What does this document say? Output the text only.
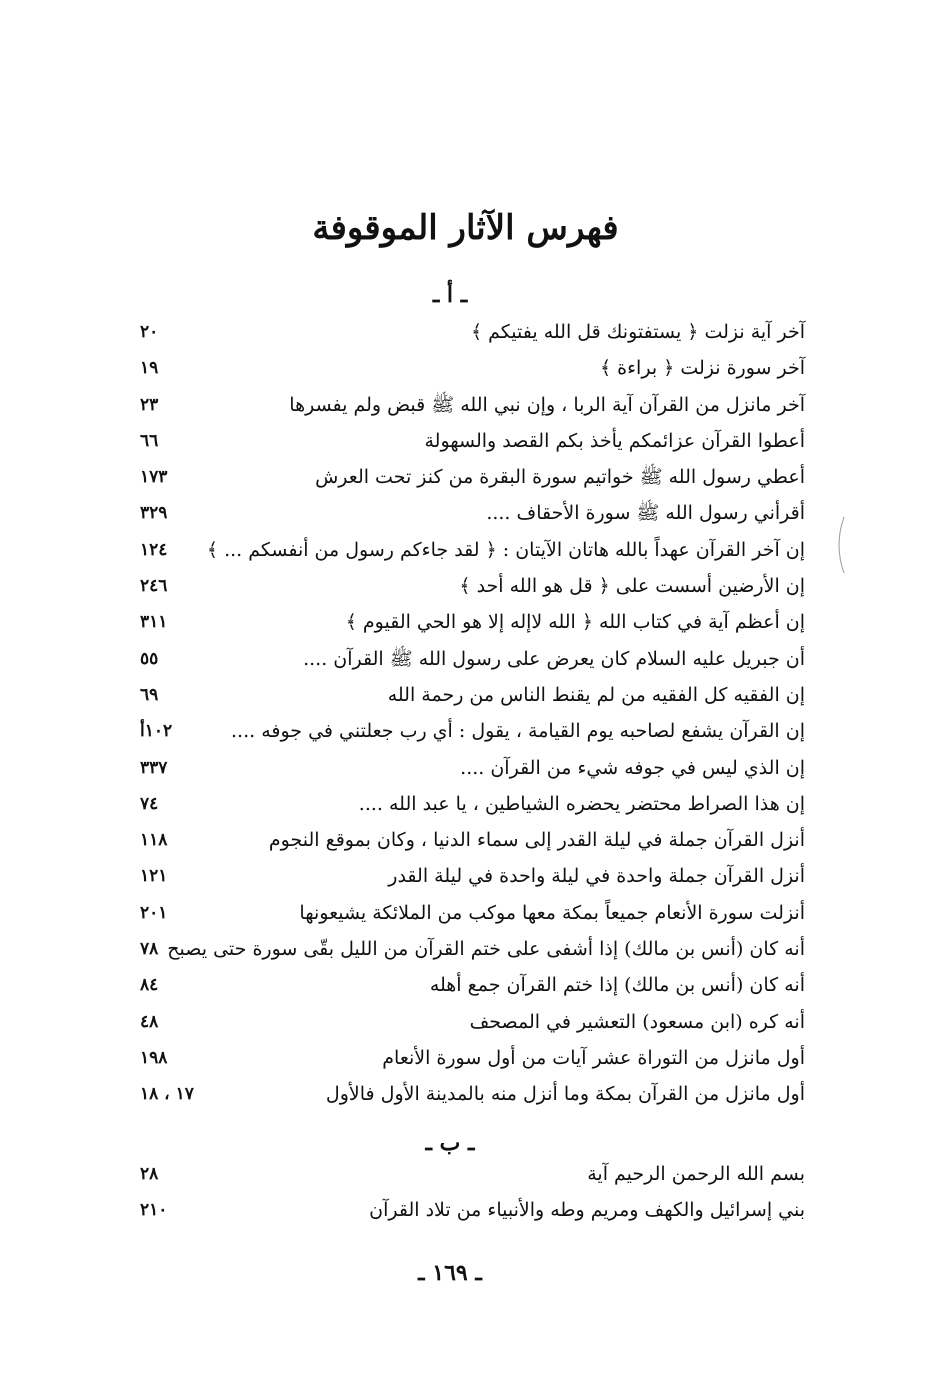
فهرس الآثار الموقوفة
ـ أ ـ
آخر آية نزلت ﴿ يستفتونك قل الله يفتيكم ﴾
٢٠
آخر سورة نزلت ﴿ براءة ﴾
١٩
آخر مانزل من القرآن آية الربا ، وإن نبي الله ﷺ قبض ولم يفسرها
٢٣
أعطوا القرآن عزائمكم يأخذ بكم القصد والسهولة
٦٦
أعطي رسول الله ﷺ خواتيم سورة البقرة من كنز تحت العرش
١٧٣
أقرأني رسول الله ﷺ سورة الأحقاف ....
٣٢٩
إن آخر القرآن عهداً بالله هاتان الآيتان : ﴿ لقد جاءكم رسول من أنفسكم ... ﴾
١٢٤
إن الأرضين أسست على ﴿ قل هو الله أحد ﴾
٢٤٦
إن أعظم آية في كتاب الله ﴿ الله لاإله إلا هو الحي القيوم ﴾
٣١١
أن جبريل عليه السلام كان يعرض على رسول الله ﷺ القرآن ....
٥٥
إن الفقيه كل الفقيه من لم يقنط الناس من رحمة الله
٦٩
إن القرآن يشفع لصاحبه يوم القيامة ، يقول : أي رب جعلتني في جوفه ....
١٠٢أ
إن الذي ليس في جوفه شيء من القرآن ....
٣٣٧
إن هذا الصراط محتضر يحضره الشياطين ، يا عبد الله ....
٧٤
أنزل القرآن جملة في ليلة القدر إلى سماء الدنيا ، وكان بموقع النجوم
١١٨
أنزل القرآن جملة واحدة في ليلة واحدة في ليلة القدر
١٢١
أنزلت سورة الأنعام جميعاً بمكة معها موكب من الملائكة يشيعونها
٢٠١
أنه كان (أنس بن مالك) إذا أشفى على ختم القرآن من الليل بقّى سورة حتى يصبح
٧٨
أنه كان (أنس بن مالك) إذا ختم القرآن جمع أهله
٨٤
أنه كره (ابن مسعود) التعشير في المصحف
٤٨
أول مانزل من التوراة عشر آيات من أول سورة الأنعام
١٩٨
أول مانزل من القرآن بمكة وما أنزل منه بالمدينة الأول فالأول
١٧ ، ١٨
ـ ب ـ
بسم الله الرحمن الرحيم آية
٢٨
بني إسرائيل والكهف ومريم وطه والأنبياء من تلاد القرآن
٢١٠
ـ ١٦٩ ـ
